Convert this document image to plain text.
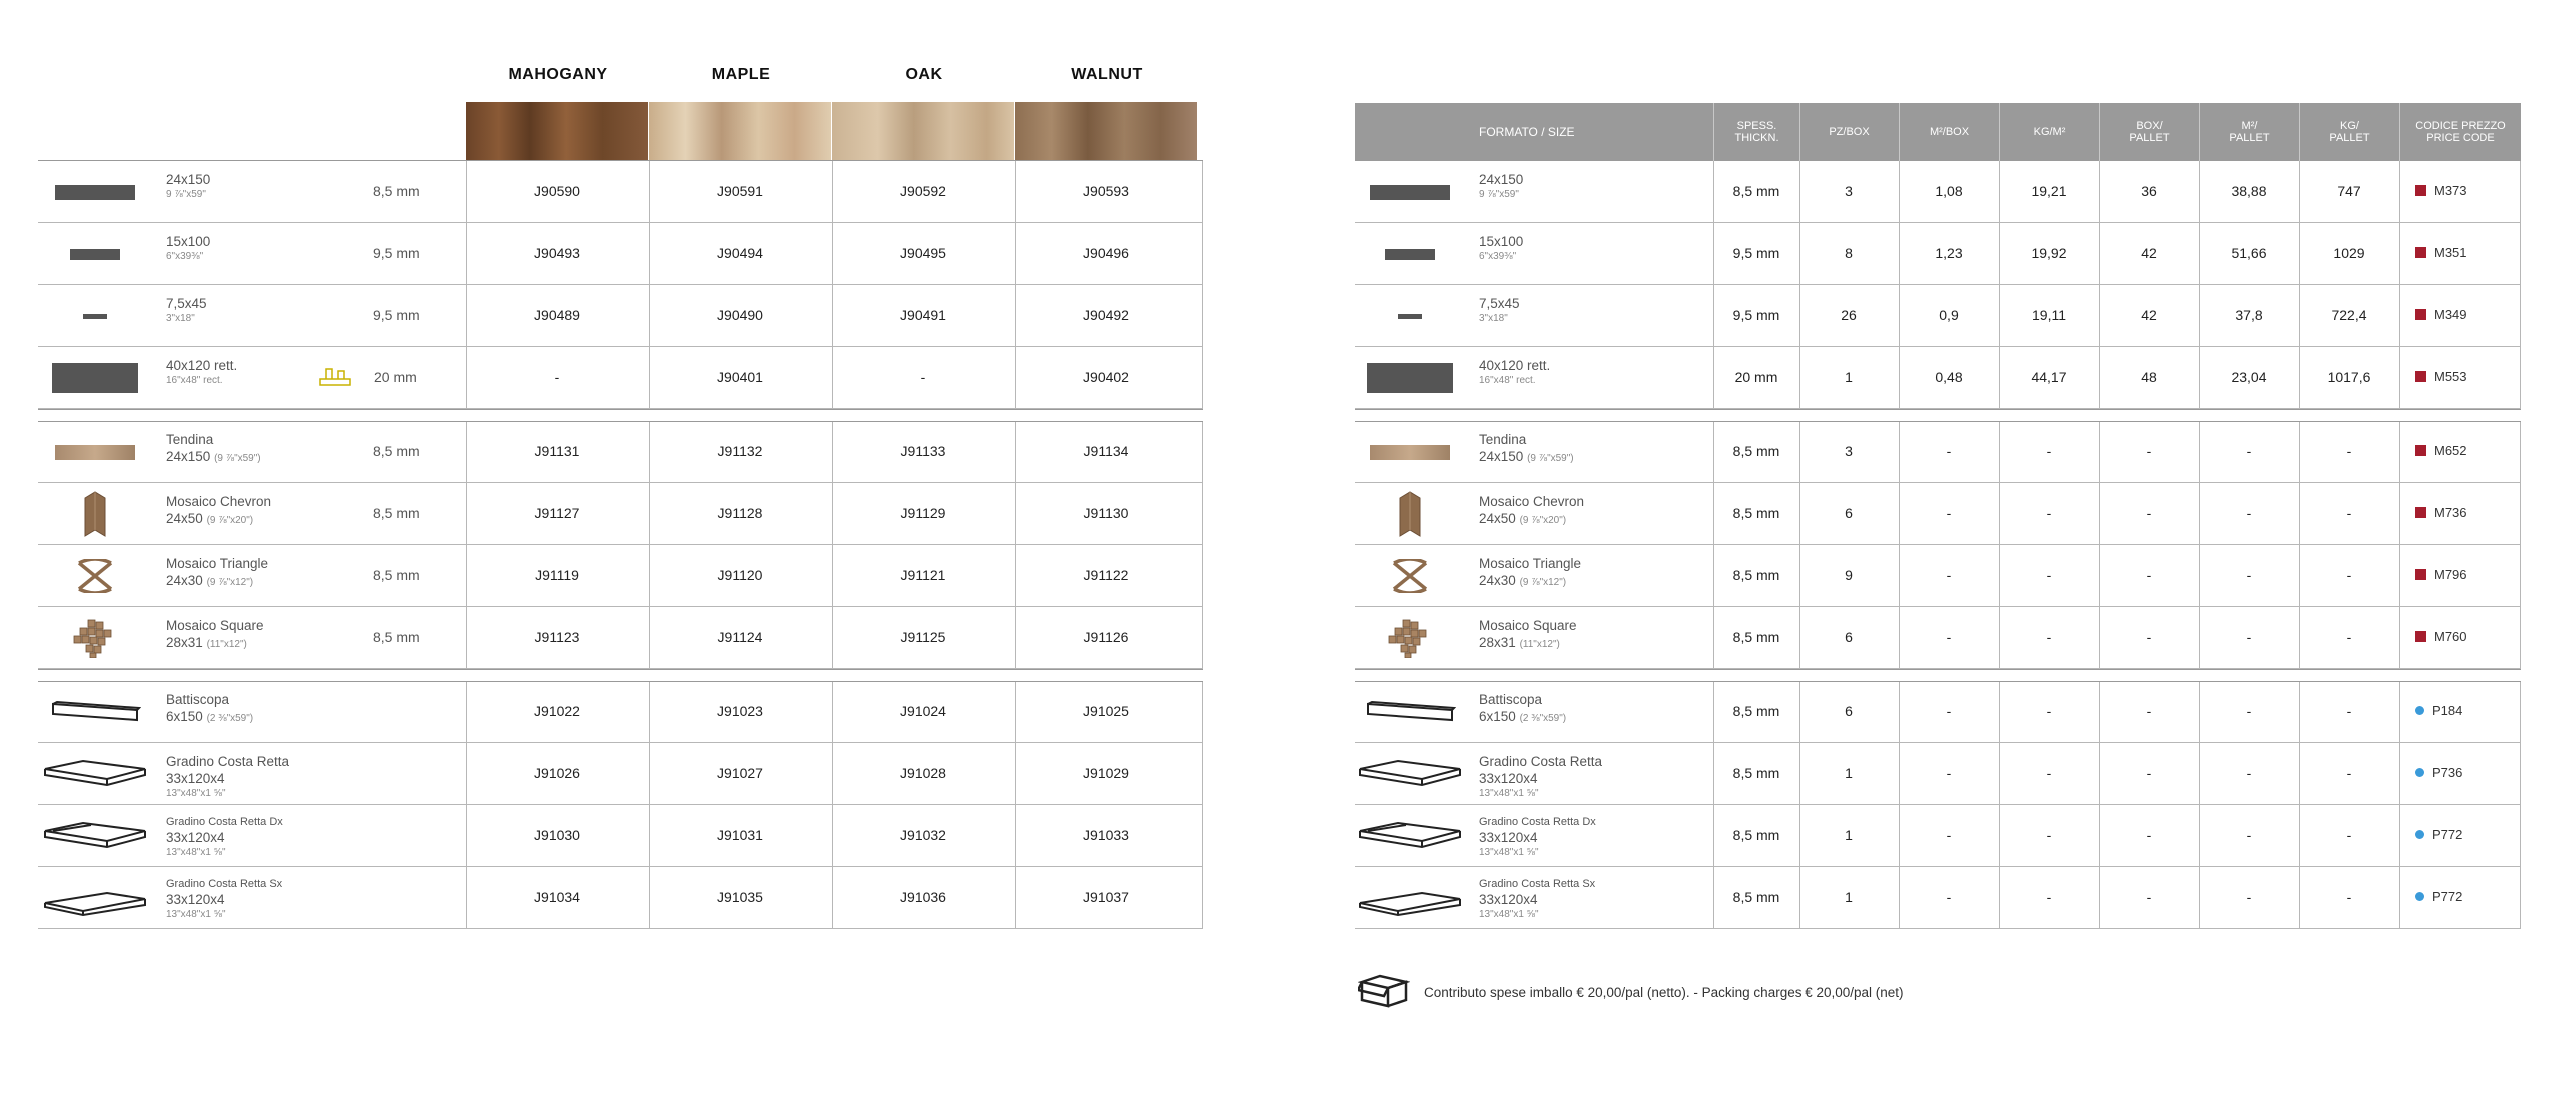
MAHOGANY	MAPLE	OAK	WALNUT
24x150
9 ⅞"x59"	8,5 mm	J90590	J90591	J90592	J90593
15x100
6"x39⅜"	9,5 mm	J90493	J90494	J90495	J90496
7,5x45
3"x18"	9,5 mm	J90489	J90490	J90491	J90492
40x120 rett.
16"x48" rect.	20 mm	-	J90401	-	J90402
Tendina
24x150 (9 ⅞"x59")	8,5 mm	J91131	J91132	J91133	J91134
Mosaico Chevron
24x50 (9 ⅞"x20")	8,5 mm	J91127	J91128	J91129	J91130
Mosaico Triangle
24x30 (9 ⅞"x12")	8,5 mm	J91119	J91120	J91121	J91122
Mosaico Square
28x31 (11"x12")	8,5 mm	J91123	J91124	J91125	J91126
Battiscopa
6x150 (2 ⅜"x59")	J91022	J91023	J91024	J91025
Gradino Costa Retta
33x120x4
13"x48"x1 ⅝"
J91026	J91027	J91028	J91029
Gradino Costa Retta Dx
33x120x4
13"x48"x1 ⅝"
J91030	J91031	J91032	J91033
Gradino Costa Retta Sx
33x120x4
13"x48"x1 ⅝"
J91034	J91035	J91036	J91037
FORMATO / SIZE	SPESS.
THICKN.	PZ/BOX	M²/BOX	KG/M²	BOX/
PALLET
M²/
PALLET
KG/
PALLET
CODICE PREZZO
PRICE CODE
24x150
9 ⅞"x59"	8,5 mm	3	1,08	19,21	36	38,88	747	M373
15x100
6"x39⅜"	9,5 mm	8	1,23	19,92	42	51,66	1029	M351
7,5x45
3"x18"	9,5 mm	26	0,9	19,11	42	37,8	722,4	M349
40x120 rett.
16"x48" rect.	20 mm	1	0,48	44,17	48	23,04	1017,6	M553
Tendina
24x150 (9 ⅞"x59")	8,5 mm	3	-	-	-	-	-	M652
Mosaico Chevron
24x50 (9 ⅞"x20")	8,5 mm	6	-	-	-	-	-	M736
Mosaico Triangle
24x30 (9 ⅞"x12")	8,5 mm	9	-	-	-	-	-	M796
Mosaico Square
28x31 (11"x12")	8,5 mm	6	-	-	-	-	-	M760
Battiscopa
6x150 (2 ⅜"x59")	8,5 mm	6	-	-	-	-	-	P184
Gradino Costa Retta
33x120x4
13"x48"x1 ⅝"
8,5 mm	1	-	-	-	-	-	P736
Gradino Costa Retta Dx
33x120x4
13"x48"x1 ⅝"
8,5 mm	1	-	-	-	-	-	P772
Gradino Costa Retta Sx
33x120x4
13"x48"x1 ⅝"
8,5 mm	1	-	-	-	-	-	P772
Contributo spese imballo € 20,00/pal (netto). - Packing charges € 20,00/pal (net)
